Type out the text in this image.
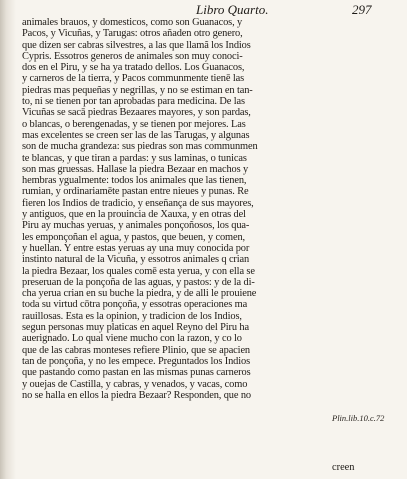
Libro Quarto.	297
animales brauos, y domesticos, como son Guanacos, y
Pacos, y Vicuñas, y Tarugas: otros añaden otro genero,
que dizen ser cabras silvestres, a las que llamã los Indios
Cypris. Essotros generos de animales son muy conoci-
dos en el Piru, y se ha ya tratado dellos. Los Guanacos,
y carneros de la tierra, y Pacos communmente tienē las
piedras mas pequeñas y negrillas, y no se estiman en tan-
to, ni se tienen por tan aprobadas para medicina. De las
Vicuñas se sacā piedras Bezaares mayores, y son pardas,
o blancas, o berengenadas, y se tienen por mejores. Las
mas excelentes se creen ser las de las Tarugas, y algunas
son de mucha grandeza: sus piedras son mas communmen
te blancas, y que tiran a pardas: y sus laminas, o tunicas
son mas gruessas. Hallase la piedra Bezaar en machos y
hembras ygualmente: todos los animales que las tienen,
rumian, y ordinariamēte pastan entre nieues y punas. Re
fieren los Indios de tradicio, y enseñança de sus mayores,
y antiguos, que en la prouincia de Xauxa, y en otras del
Piru ay muchas yeruas, y animales ponçoñosos, los qua-
les emponçoñan el agua, y pastos, que beuen, y comen,
y huellan. Y entre estas yeruas ay una muy conocida por
instinto natural de la Vicuña, y essotros animales q crian
la piedra Bezaar, los quales comē esta yerua, y con ella se
preseruan de la ponçoña de las aguas, y pastos: y de la di-
cha yerua crian en su buche la piedra, y de alli le prouiene
toda su virtud cōtra ponçoña, y essotras operaciones ma
rauillosas. Esta es la opinion, y tradicion de los Indios,
segun personas muy platicas en aquel Reyno del Piru ha
auerignado. Lo qual viene mucho con la razon, y co lo
que de las cabras monteses refiere Plinio, que se apacien
tan de ponçoña, y no les empece. Preguntados los Indios
que pastando como pastan en las mismas punas carneros
y ouejas de Castilla, y cabras, y venados, y vacas, como
no se halla en ellos la piedra Bezaar? Responden, que no
Plin.lib.10.c.72
creen
